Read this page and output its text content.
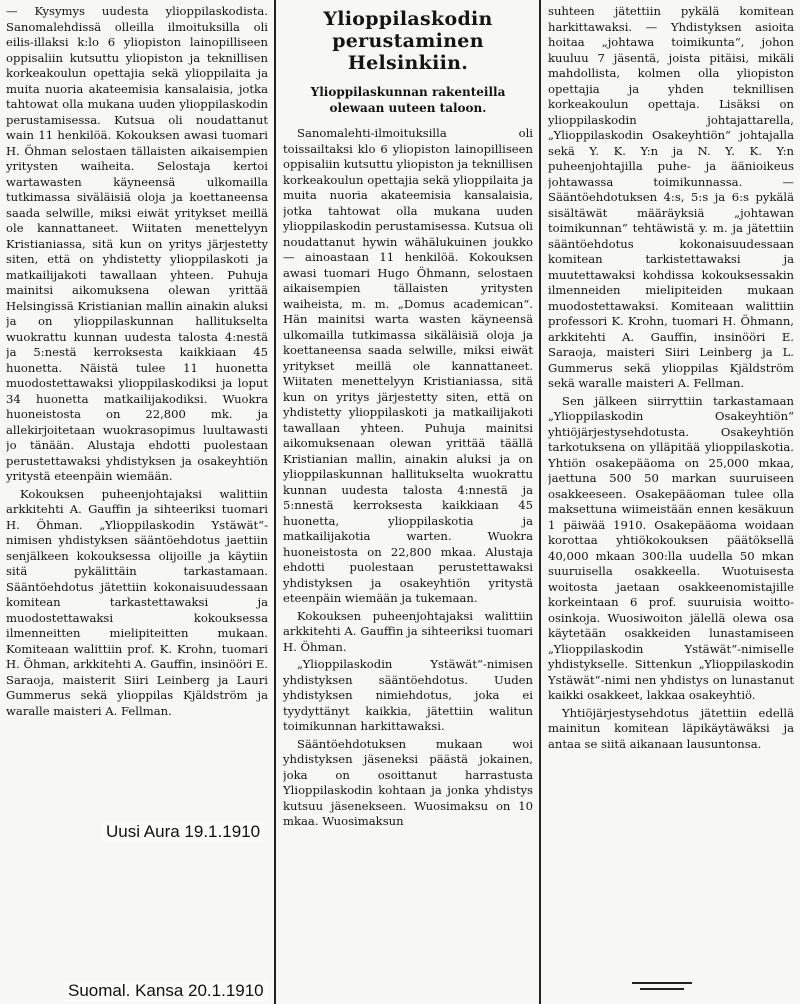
— Kysymys uudesta ylioppilaskodista. Sanomalehdissä olleilla ilmoituksilla oli eilis-illaksi k:lo 6 yliopiston lainopilliseen oppisaliin kutsuttu yliopiston ja teknillisen korkeakoulun opettajia sekä ylioppilaita ja muita nuoria akateemisia kansalaisia, jotka tahtowat olla mukana uuden ylioppilaskodin perustamisessa. Kutsua oli noudattanut wain 11 henkilöä. Kokouksen awasi tuomari H. Öhman selostaen tällaisten aikaisempien yritysten waiheita. Selostaja kertoi wartawasten käyneensä ulkomailla tutkimassa siväläisiä oloja ja koettaneensa saada selwille, miksi eiwät yritykset meillä ole kannattaneet. Wiitaten menettelyyn Kristianiassa, sitä kun on yritys järjestetty siten, että on yhdistetty ylioppilaskoti ja matkailijakoti tawallaan yhteen. Puhuja mainitsi aikomuksena olewan yrittää Helsingissä Kristianian mallin ainakin aluksi ja on ylioppilaskunnan hallitukselta wuokrattu kunnan uudesta talosta 4:nestä ja 5:nestä kerroksesta kaikkiaan 45 huonetta. Näistä tulee 11 huonetta muodostettawaksi ylioppilaskodiksi ja loput 34 huonetta matkailijakodiksi. Wuokra huoneistosta on 22,800 mk. ja allekirjoitetaan wuokrasopimus luultawasti jo tänään. Alustaja ehdotti puolestaan perustettawaksi yhdistyksen ja osakeyhtiön yritystä eteenpäin wiemään.

Kokouksen puheenjohtajaksi walittiin arkkitehti A. Gauffin ja sihteeriksi tuomari H. Öhman. „Ylioppilaskodin Ystäwät“-nimisen yhdistyksen sääntöehdotus jaettiin senjälkeen kokouksessa olijoille ja käytiin sitä pykälittäin tarkastamaan. Sääntöehdotus jätettiin kokonaisuudessaan komitean tarkastettawaksi ja muodostettawaksi kokouksessa ilmenneitten mielipiteitten mukaan. Komiteaan walittiin prof. K. Krohn, tuomari H. Öhman, arkkitehti A. Gauffin, insinööri E. Saraoja, maisterit Siiri Leinberg ja Lauri Gummerus sekä ylioppilas Kjäldström ja waralle maisteri A. Fellman.

Ylioppilaskodin perustaminen Helsinkiin.
Ylioppilaskunnan rakenteilla olewaan uuteen taloon.

Sanomalehti-ilmoituksilla oli toissailtaksi klo 6 yliopiston lainopilliseen oppisaliin kutsuttu yliopiston ja teknillisen korkeakoulun opettajia sekä ylioppilaita ja muita nuoria akateemisia kansalaisia, jotka tahtowat olla mukana uuden ylioppilaskodin perustamisessa. Kutsua oli noudattanut hywin wähälukuinen joukko — ainoastaan 11 henkilöä. Kokouksen awasi tuomari Hugo Öhmann, selostaen aikaisempien tällaisten yritysten waiheista, m. m. „Domus academican“. Hän mainitsi warta wasten käyneensä ulkomailla tutkimassa sikäläisiä oloja ja koettaneensa saada selwille, miksi eiwät yritykset meillä ole kannattaneet. Wiitaten menettelyyn Kristianiassa, sitä kun on yritys järjestetty siten, että on yhdistetty ylioppilaskoti ja matkailijakoti tawallaan yhteen. Puhuja mainitsi aikomuksenaan olewan yrittää täällä Kristianian mallin, ainakin aluksi ja on ylioppilaskunnan hallitukselta wuokrattu kunnan uudesta talosta 4:nnestä ja 5:nnestä kerroksesta kaikkiaan 45 huonetta, ylioppilaskotia ja matkailijakotia warten. Wuokra huoneistosta on 22,800 mkaa. Alustaja ehdotti puolestaan perustettawaksi yhdistyksen ja osakeyhtiön yritystä eteenpäin wiemään ja tukemaan.

Kokouksen puheenjohtajaksi walittiin arkkitehti A. Gauffin ja sihteeriksi tuomari H. Öhman.

„Ylioppilaskodin Ystäwät“-nimisen yhdistyksen sääntöehdotus. Uuden yhdistyksen nimiehdotus, joka ei tyydyttänyt kaikkia, jätettiin walitun toimikunnan harkittawaksi.

Sääntöehdotuksen mukaan woi yhdistyksen jäseneksi päästä jokainen, joka on osoittanut harrastusta Ylioppilaskodin kohtaan ja jonka yhdistys kutsuu jäsenekseen. Wuosimaksu on 10 mkaa. Wuosimaksun

suhteen jätettiin pykälä komitean harkittawaksi. — Yhdistyksen asioita hoitaa „johtawa toimikunta“, johon kuuluu 7 jäsentä, joista pitäisi, mikäli mahdollista, kolmen olla yliopiston opettajia ja yhden teknillisen korkeakoulun opettaja. Lisäksi on ylioppilaskodin johtajattarella, „Ylioppilaskodin Osakeyhtiön“ johtajalla sekä Y. K. Y:n ja N. Y. K. Y:n puheenjohtajilla puhe- ja äänioikeus johtawassa toimikunnassa. — Sääntöehdotuksen 4:s, 5:s ja 6:s pykälä sisältäwät määräyksiä „johtawan toimikunnan“ tehtäwistä y. m. ja jätettiin sääntöehdotus kokonaisuudessaan komitean tarkistettawaksi ja muutettawaksi kohdissa kokouksessakin ilmenneiden mielipiteiden mukaan muodostettawaksi. Komiteaan walittiin professori K. Krohn, tuomari H. Öhmann, arkkitehti A. Gauffin, insinööri E. Saraoja, maisteri Siiri Leinberg ja L. Gummerus sekä ylioppilas Kjäldström sekä waralle maisteri A. Fellman.

Sen jälkeen siirryttiin tarkastamaan „Ylioppilaskodin Osakeyhtiön“ yhtiöjärjestysehdotusta. Osakeyhtiön tarkotuksena on ylläpitää ylioppilaskotia. Yhtiön osakepääoma on 25,000 mkaa, jaettuna 500 50 markan suuruiseen osakkeeseen. Osakepääoman tulee olla maksettuna wiimeistään ennen kesäkuun 1 päiwää 1910. Osakepääoma woidaan korottaa yhtiökokouksen päätöksellä 40,000 mkaan 300:lla uudella 50 mkan suuruisella osakkeella. Wuotuisesta woitosta jaetaan osakkeenomistajille korkeintaan 6 prof. suuruisia woitto-osinkoja. Wuosiwoiton jälellä olewa osa käytetään osakkeiden lunastamiseen „Ylioppilaskodin Ystäwät“-nimiselle yhdistykselle. Sittenkun „Ylioppilaskodin Ystäwät“-nimi nen yhdistys on lunastanut kaikki osakkeet, lakkaa osakeyhtiö.

Yhtiöjärjestysehdotus jätettiin edellä mainitun komitean läpikäytäwäksi ja antaa se siitä aikanaan lausuntonsa.

Uusi Aura 19.1.1910
Suomal. Kansa 20.1.1910
